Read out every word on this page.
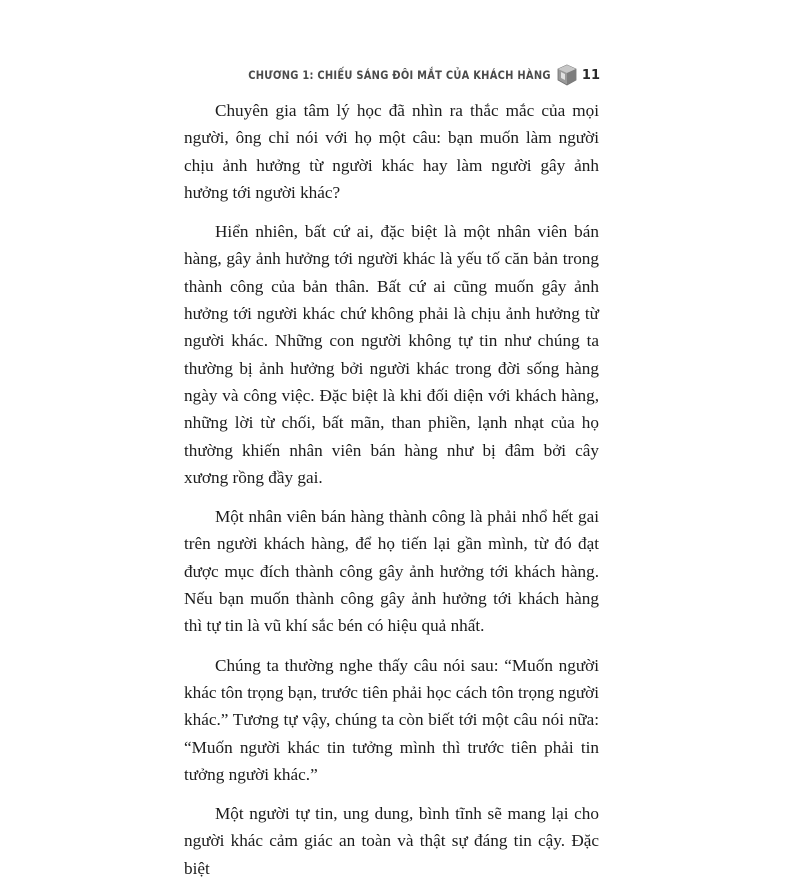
CHƯƠNG 1: CHIẾU SÁNG ĐÔI MẮT CỦA KHÁCH HÀNG 11

Chuyên gia tâm lý học đã nhìn ra thắc mắc của mọi người, ông chỉ nói với họ một câu: bạn muốn làm người chịu ảnh hưởng từ người khác hay làm người gây ảnh hưởng tới người khác?

Hiển nhiên, bất cứ ai, đặc biệt là một nhân viên bán hàng, gây ảnh hưởng tới người khác là yếu tố căn bản trong thành công của bản thân. Bất cứ ai cũng muốn gây ảnh hưởng tới người khác chứ không phải là chịu ảnh hưởng từ người khác. Những con người không tự tin như chúng ta thường bị ảnh hưởng bởi người khác trong đời sống hàng ngày và công việc. Đặc biệt là khi đối diện với khách hàng, những lời từ chối, bất mãn, than phiền, lạnh nhạt của họ thường khiến nhân viên bán hàng như bị đâm bởi cây xương rồng đầy gai.

Một nhân viên bán hàng thành công là phải nhổ hết gai trên người khách hàng, để họ tiến lại gần mình, từ đó đạt được mục đích thành công gây ảnh hưởng tới khách hàng. Nếu bạn muốn thành công gây ảnh hưởng tới khách hàng thì tự tin là vũ khí sắc bén có hiệu quả nhất.

Chúng ta thường nghe thấy câu nói sau: “Muốn người khác tôn trọng bạn, trước tiên phải học cách tôn trọng người khác.” Tương tự vậy, chúng ta còn biết tới một câu nói nữa: “Muốn người khác tin tưởng mình thì trước tiên phải tin tưởng người khác.”

Một người tự tin, ung dung, bình tĩnh sẽ mang lại cho người khác cảm giác an toàn và thật sự đáng tin cậy. Đặc biệt
